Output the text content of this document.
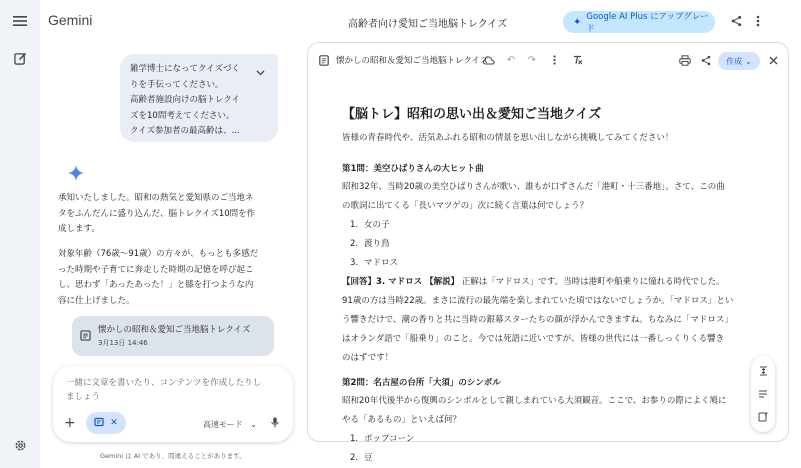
Gemini	高齢者向け愛知ご当地脳トレクイズ	✦ Google AI Plus にアップグレード
雑学博士になってクイズづく
りを手伝ってください。
高齢者施設向けの脳トレクイ
ズを10問考えてください。
クイズ参加者の最高齢は、...
承知いたしました。昭和の熱気と愛知県のご当地ネ
タをふんだんに盛り込んだ、脳トレクイズ10問を作
成します。
対象年齢（76歳～91歳）の方々が、もっとも多感だ
った時期や子育てに奔走した時期の記憶を呼び起こ
し、思わず「あったあった！」と膝を打つような内
容に仕上げました。
懐かしの昭和＆愛知ご当地脳トレクイズ
3月13日 14:46
一緒に文章を書いたり、コンテンツを作成したりし
ましょう
+	✕	高速モード ⌄
Gemini は AI であり、間違えることがあります。
懐かしの昭和＆愛知ご当地脳トレクイズ ↶ ↷	作成 ⌄
【脳トレ】昭和の思い出＆愛知ご当地クイズ
皆様の青春時代や、活気あふれる昭和の情景を思い出しながら挑戦してみてください！
第1問：美空ひばりさんの大ヒット曲
昭和32年、当時20歳の美空ひばりさんが歌い、誰もが口ずさんだ「港町・十三番地」。さて、この曲
の歌詞に出てくる「長いマツゲの」次に続く言葉は何でしょう？
1. 女の子
2. 渡り鳥
3. マドロス
【回答】3. マドロス 【解説】 正解は「マドロス」です。当時は港町や船乗りに憧れる時代でした。
91歳の方は当時22歳。まさに流行の最先端を楽しまれていた頃ではないでしょうか。「マドロス」とい
う響きだけで、潮の香りと共に当時の銀幕スターたちの顔が浮かんできますね。ちなみに「マドロス」
はオランダ語で「船乗り」のこと。今では死語に近いですが、皆様の世代には一番しっくりくる響き
のはずです！
第2問：名古屋の台所「大須」のシンボル
昭和20年代後半から復興のシンボルとして親しまれている大須観音。ここで、お参りの際によく鳩に
やる「あるもの」といえば何？
1. ポップコーン
2. 豆
